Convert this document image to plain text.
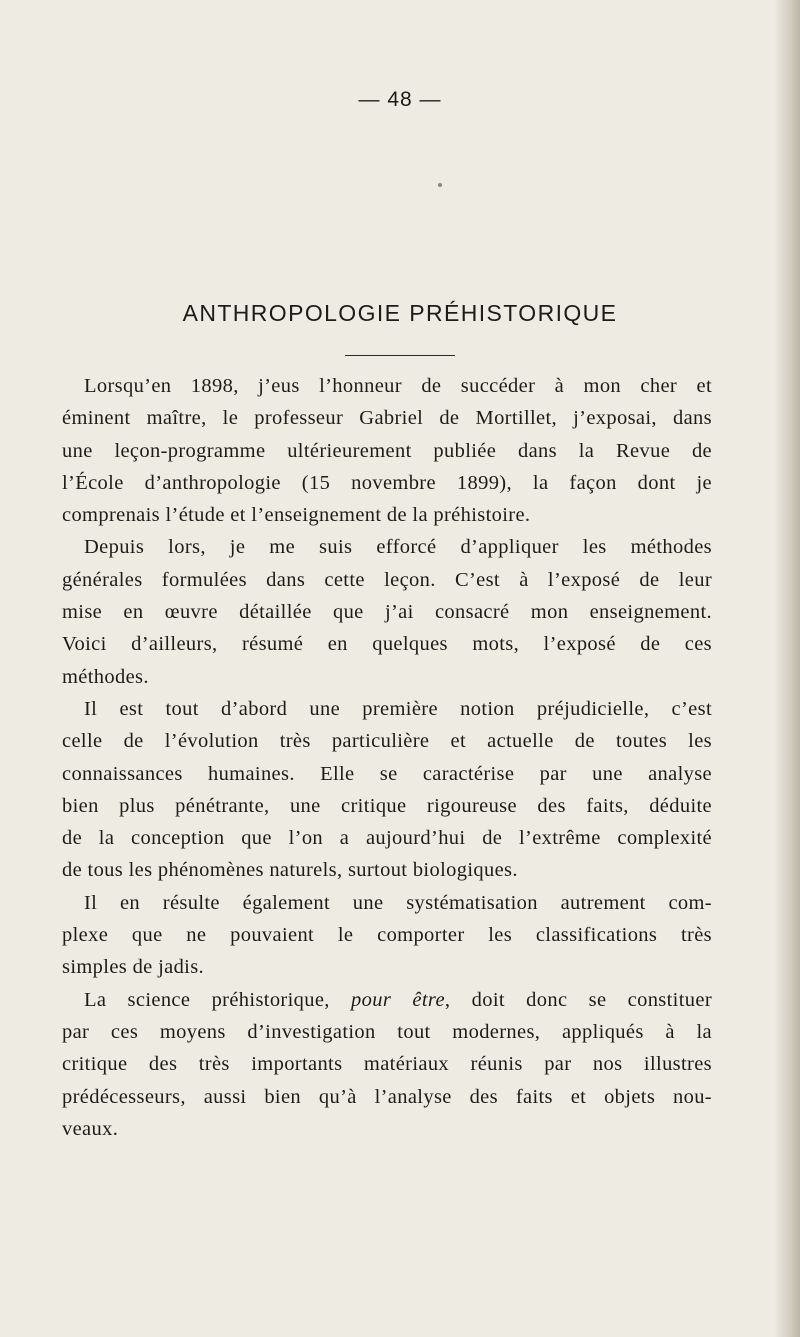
— 48 —
ANTHROPOLOGIE PRÉHISTORIQUE
Lorsqu’en 1898, j’eus l’honneur de succéder à mon cher et
éminent maître, le professeur Gabriel de Mortillet, j’exposai, dans
une leçon-programme ultérieurement publiée dans la Revue de
l’École d’anthropologie (15 novembre 1899), la façon dont je
comprenais l’étude et l’enseignement de la préhistoire.
Depuis lors, je me suis efforcé d’appliquer les méthodes
générales formulées dans cette leçon. C’est à l’exposé de leur
mise en œuvre détaillée que j’ai consacré mon enseignement.
Voici d’ailleurs, résumé en quelques mots, l’exposé de ces
méthodes.
Il est tout d’abord une première notion préjudicielle, c’est
celle de l’évolution très particulière et actuelle de toutes les
connaissances humaines. Elle se caractérise par une analyse
bien plus pénétrante, une critique rigoureuse des faits, déduite
de la conception que l’on a aujourd’hui de l’extrême complexité
de tous les phénomènes naturels, surtout biologiques.
Il en résulte également une systématisation autrement com-
plexe que ne pouvaient le comporter les classifications très
simples de jadis.
La science préhistorique, pour être, doit donc se constituer
par ces moyens d’investigation tout modernes, appliqués à la
critique des très importants matériaux réunis par nos illustres
prédécesseurs, aussi bien qu’à l’analyse des faits et objets nou-
veaux.
